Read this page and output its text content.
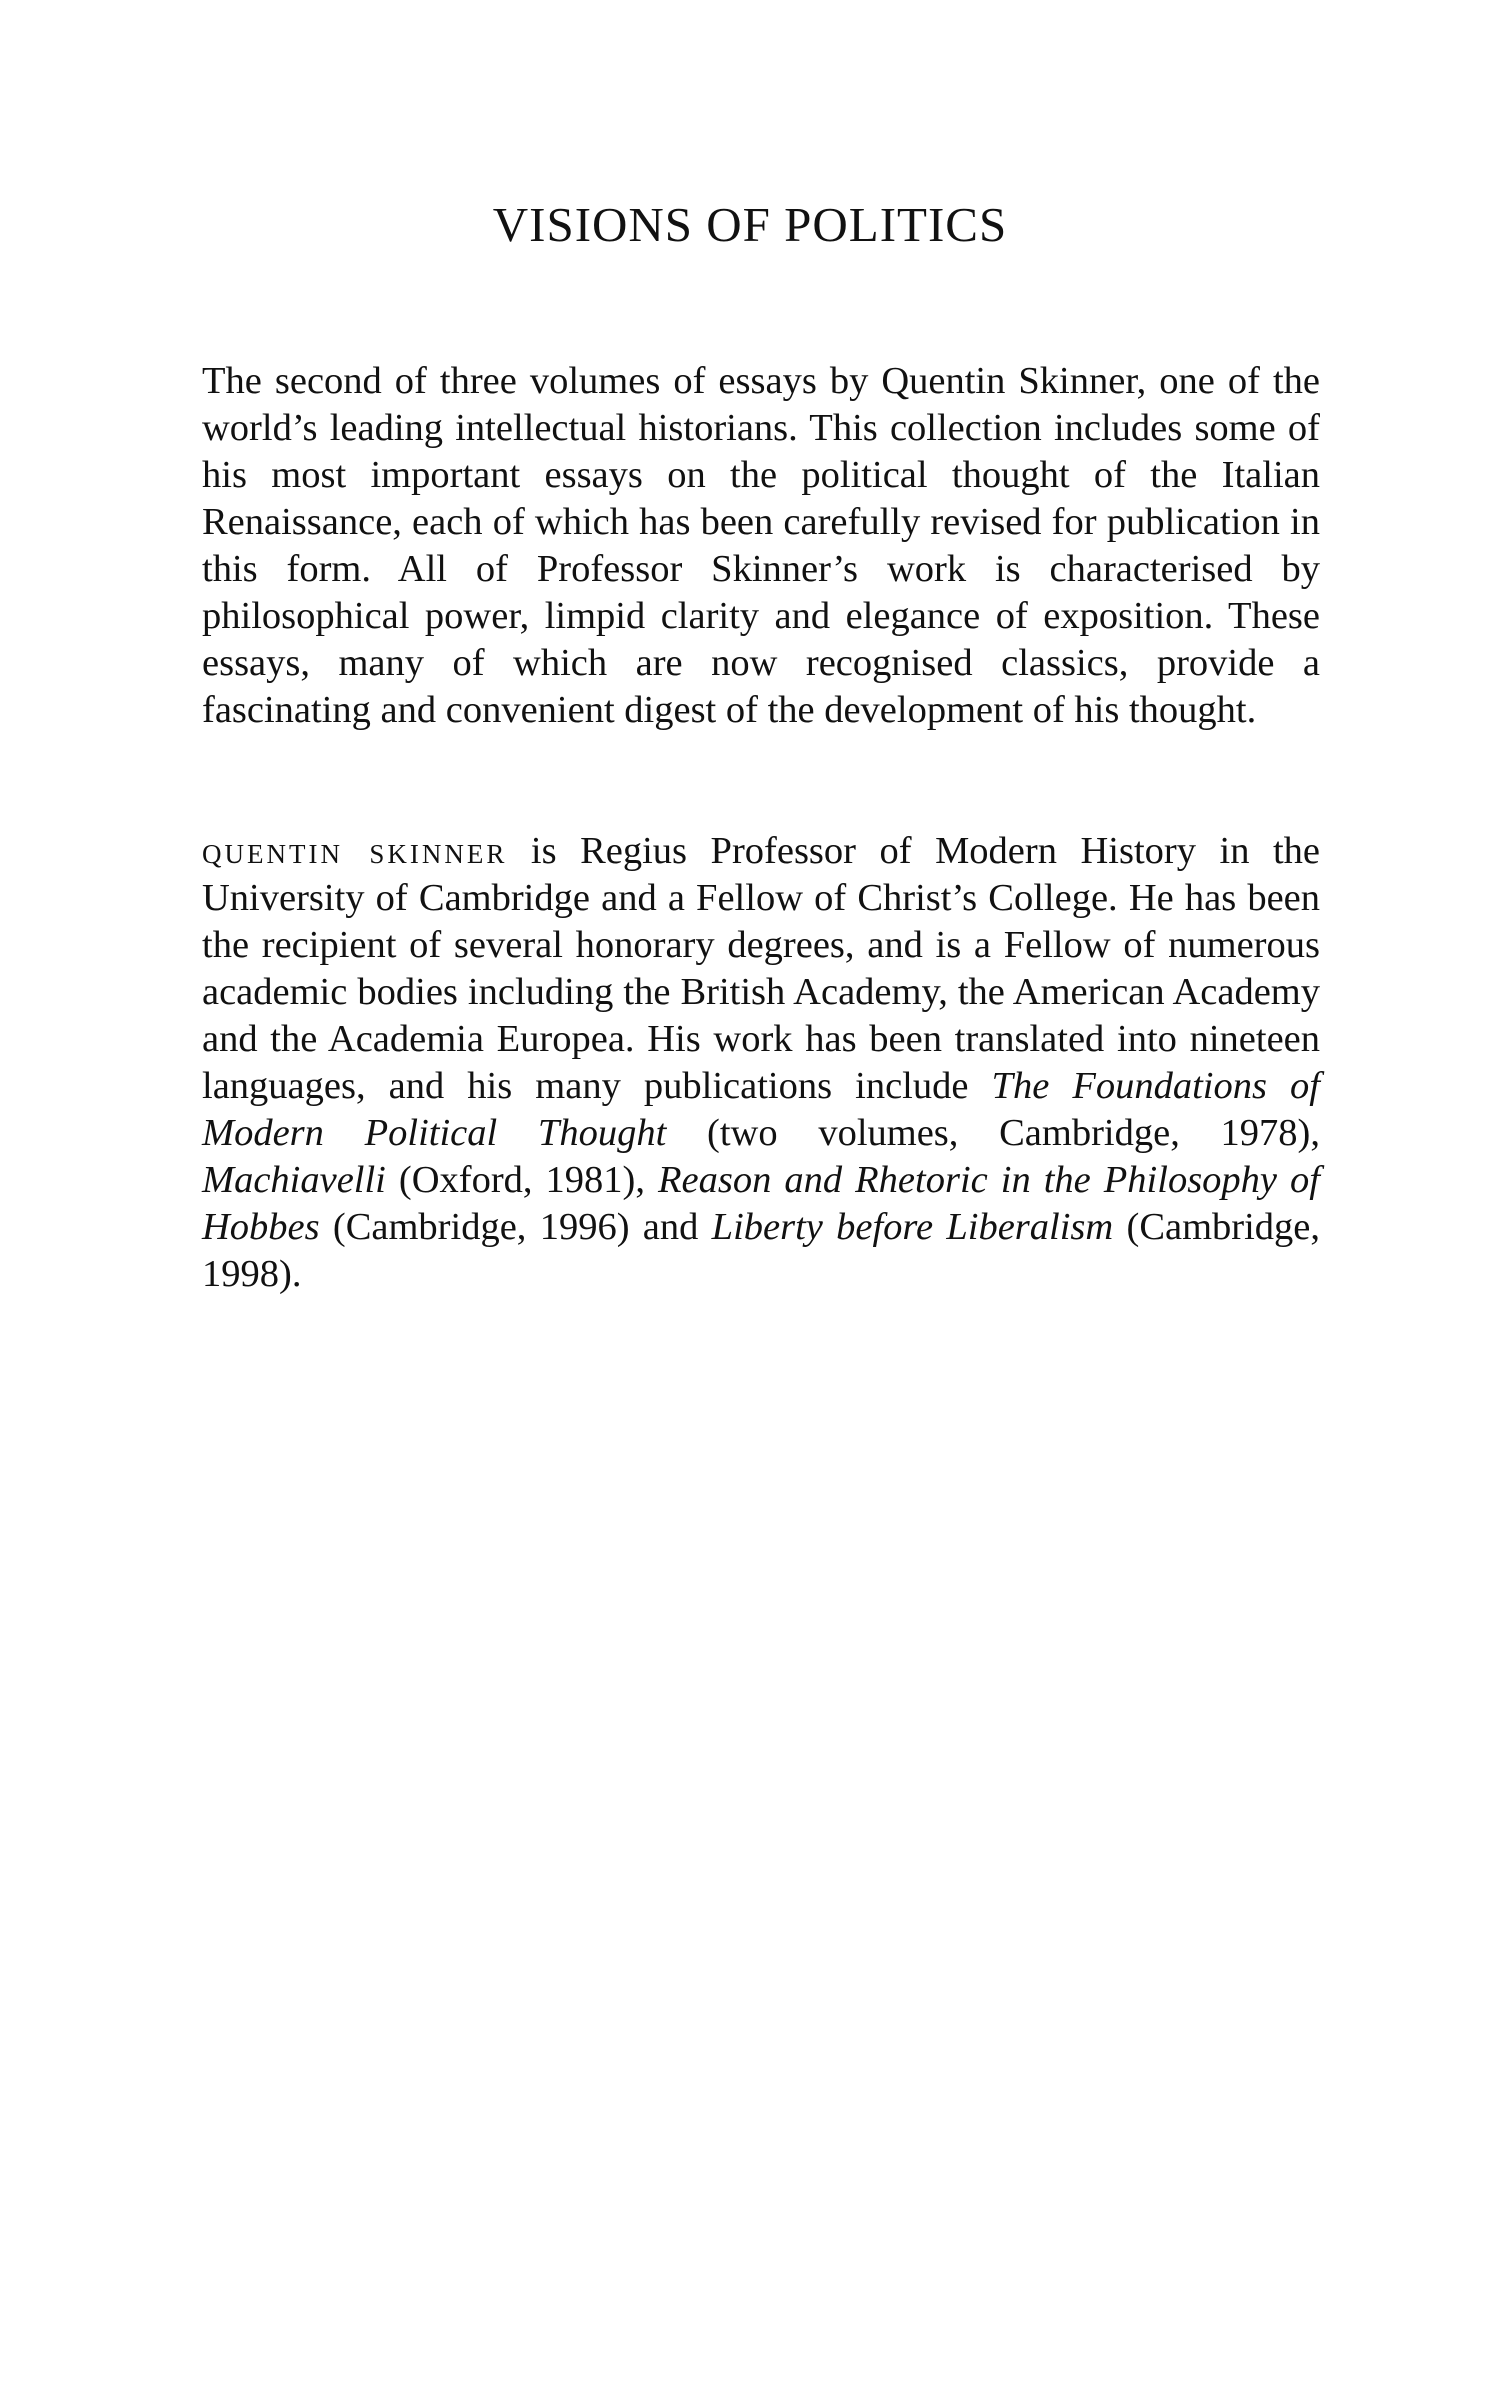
VISIONS OF POLITICS

The second of three volumes of essays by Quentin Skinner, one of the world’s leading intellectual historians. This collection includes some of his most important essays on the political thought of the Italian Renaissance, each of which has been carefully revised for publication in this form. All of Professor Skinner’s work is characterised by philosophical power, limpid clarity and elegance of exposition. These essays, many of which are now recognised classics, provide a fascinating and convenient digest of the development of his thought.

quentin skinner is Regius Professor of Modern History in the University of Cambridge and a Fellow of Christ’s College. He has been the recipient of several honorary degrees, and is a Fellow of numerous academic bodies including the British Academy, the American Academy and the Academia Europea. His work has been translated into nineteen languages, and his many publications include The Foundations of Modern Political Thought (two volumes, Cambridge, 1978), Machiavelli (Oxford, 1981), Reason and Rhetoric in the Philosophy of Hobbes (Cambridge, 1996) and Liberty before Liberalism (Cambridge, 1998).
